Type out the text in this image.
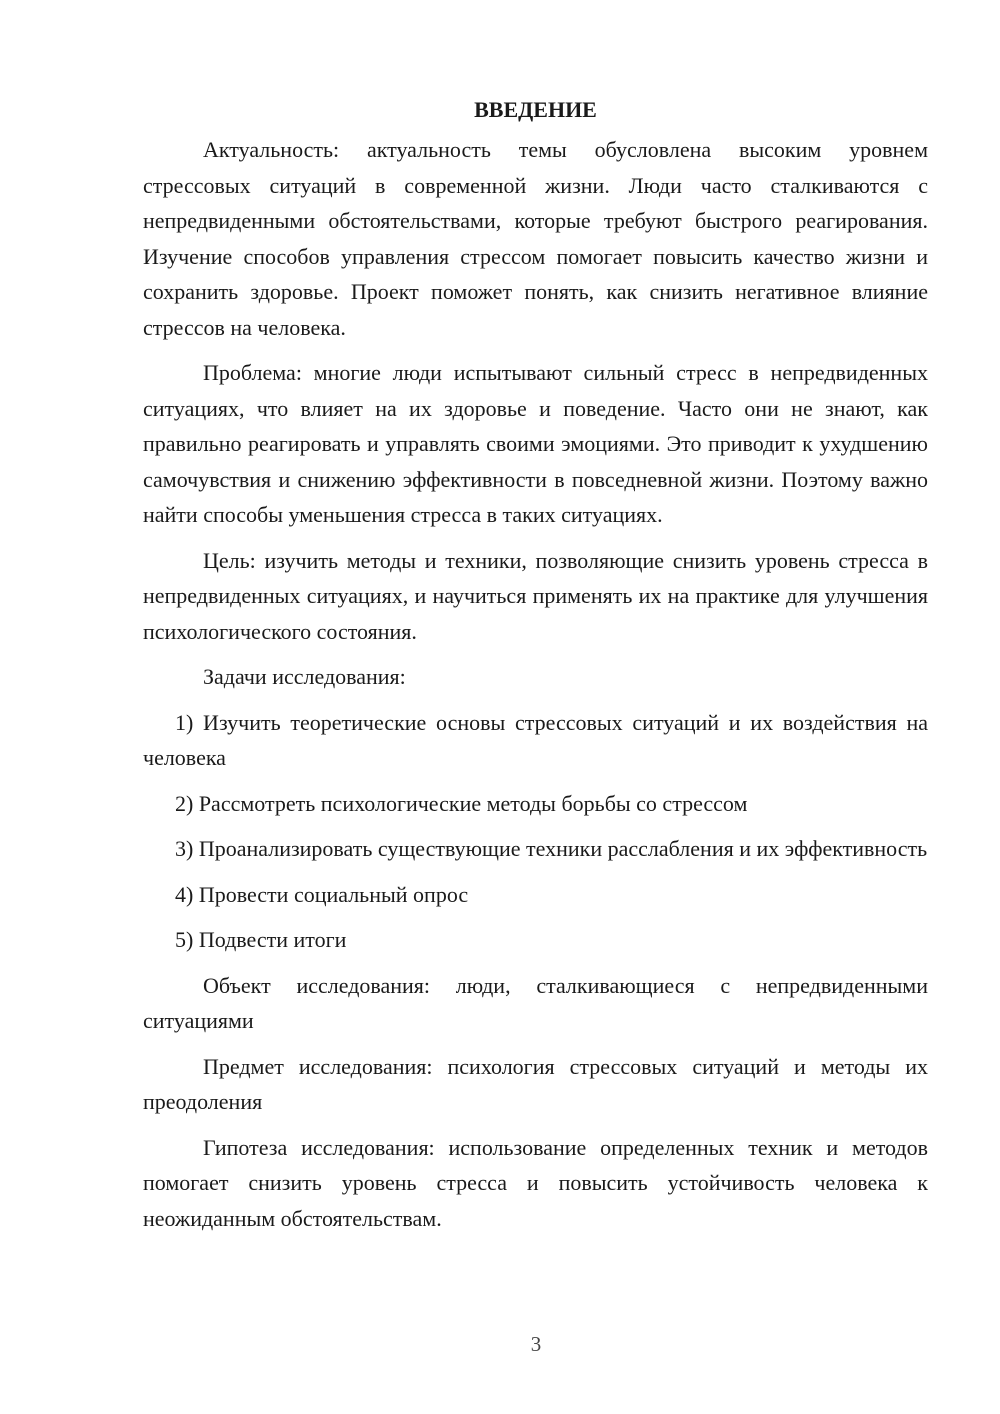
ВВЕДЕНИЕ

Актуальность: актуальность темы обусловлена высоким уровнем стрессовых ситуаций в современной жизни. Люди часто сталкиваются с непредвиденными обстоятельствами, которые требуют быстрого реагирования. Изучение способов управления стрессом помогает повысить качество жизни и сохранить здоровье. Проект поможет понять, как снизить негативное влияние стрессов на человека.

Проблема: многие люди испытывают сильный стресс в непредвиденных ситуациях, что влияет на их здоровье и поведение. Часто они не знают, как правильно реагировать и управлять своими эмоциями. Это приводит к ухудшению самочувствия и снижению эффективности в повседневной жизни. Поэтому важно найти способы уменьшения стресса в таких ситуациях.

Цель: изучить методы и техники, позволяющие снизить уровень стресса в непредвиденных ситуациях, и научиться применять их на практике для улучшения психологического состояния.

Задачи исследования:

1) Изучить теоретические основы стрессовых ситуаций и их воздействия на человека

2) Рассмотреть психологические методы борьбы со стрессом

3) Проанализировать существующие техники расслабления и их эффективность

4) Провести социальный опрос

5) Подвести итоги

Объект исследования: люди, сталкивающиеся с непредвиденными ситуациями

Предмет исследования: психология стрессовых ситуаций и методы их преодоления

Гипотеза исследования: использование определенных техник и методов помогает снизить уровень стресса и повысить устойчивость человека к неожиданным обстоятельствам.

3
